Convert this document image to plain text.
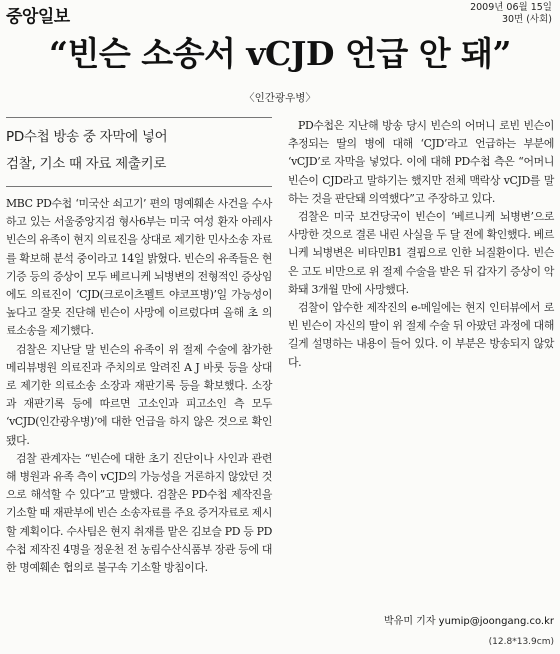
중앙일보	2009년 06월 15일
30면 (사회)
“빈슨 소송서 vCJD 언급 안 돼”
〈인간광우병〉
PD수첩 방송 중 자막에 넣어
검찰, 기소 때 자료 제출키로

MBC PD수첩 ‘미국산 쇠고기’ 편의 명예훼손 사건을 수사하고 있는 서울중앙지검 형사6부는 미국 여성 환자 아레사 빈슨의 유족이 현지 의료진을 상대로 제기한 민사소송 자료를 확보해 분석 중이라고 14일 밝혔다. 빈슨의 유족들은 현기증 등의 증상이 모두 베르니케 뇌병변의 전형적인 증상임에도 의료진이 ‘CJD(크로이츠펠트 야코프병)’일 가능성이 높다고 잘못 진단해 빈슨이 사망에 이르렀다며 올해 초 의료소송을 제기했다.

검찰은 지난달 말 빈슨의 유족이 위 절제 수술에 참가한 메리뷰병원 의료진과 주치의로 알려진 A J 바룻 등을 상대로 제기한 의료소송 소장과 재판기록 등을 확보했다. 소장과 재판기록 등에 따르면 고소인과 피고소인 측 모두 ‘vCJD(인간광우병)’에 대한 언급을 하지 않은 것으로 확인됐다.

검찰 관계자는 “빈슨에 대한 초기 진단이나 사인과 관련해 병원과 유족 측이 vCJD의 가능성을 거론하지 않았던 것으로 해석할 수 있다”고 말했다. 검찰은 PD수첩 제작진을 기소할 때 재판부에 빈슨 소송자료를 주요 증거자료로 제시할 계획이다. 수사팀은 현지 취재를 맡은 김보슬 PD 등 PD수첩 제작진 4명을 정운천 전 농림수산식품부 장관 등에 대한 명예훼손 협의로 불구속 기소할 방침이다.

PD수첩은 지난해 방송 당시 빈슨의 어머니 로빈 빈슨이 추정되는 딸의 병에 대해 ‘CJD’라고 언급하는 부분에 ‘vCJD’로 자막을 넣었다. 이에 대해 PD수첩 측은 “어머니 빈슨이 CJD라고 말하기는 했지만 전체 맥락상 vCJD를 말하는 것을 판단돼 의역했다”고 주장하고 있다.

검찰은 미국 보건당국이 빈슨이 ‘베르니케 뇌병변’으로 사망한 것으로 결론 내린 사실을 두 달 전에 확인했다. 베르니케 뇌병변은 비타민B1 결핍으로 인한 뇌질환이다. 빈슨은 고도 비만으로 위 절제 수술을 받은 뒤 갑자기 증상이 악화돼 3개월 만에 사망했다.

검찰이 압수한 제작진의 e-메일에는 현지 인터뷰에서 로빈 빈슨이 자신의 딸이 위 절제 수술 뒤 아팠던 과정에 대해 길게 설명하는 내용이 들어 있다. 이 부분은 방송되지 않았다.

박유미 기자 yumip@joongang.co.kr
(12.8*13.9cm)
